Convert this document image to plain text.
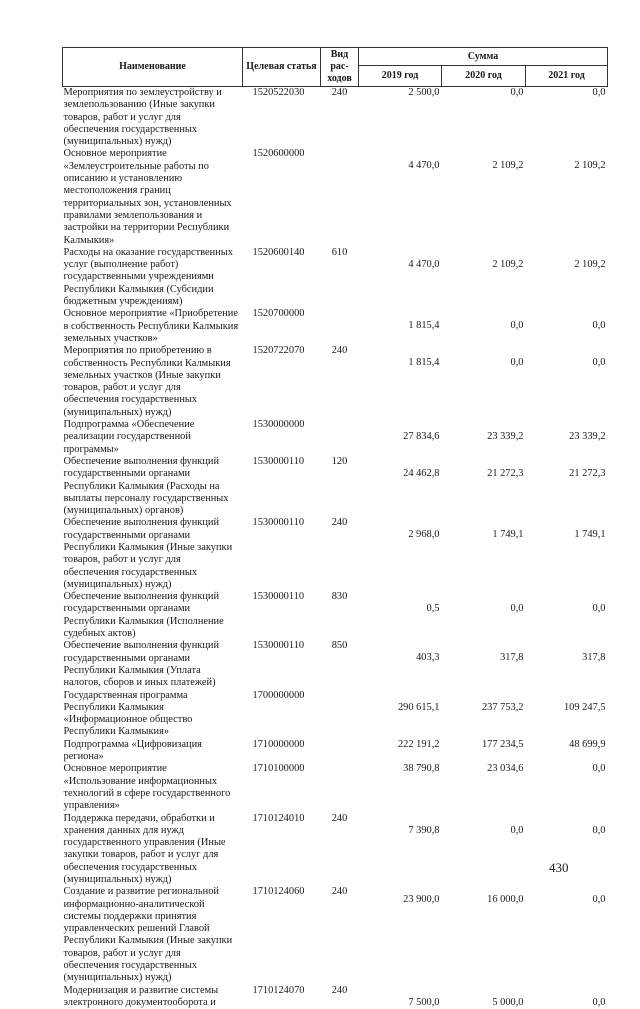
Наименование	Целевая статья	Вид рас-ходов	Сумма		
			2019 год	2020 год	2021 год
Мероприятия по землеустройству и землепользованию (Иные закупки товаров, работ и услуг для обеспечения государственных (муниципальных) нужд)	1520522030	240	2 500,0	0,0	0,0
Основное мероприятие «Землеустроительные работы по описанию и установлению местоположения границ территориальных зон, установленных правилами землепользования и застройки на территории Республики Калмыкия»	1520600000		4 470,0	2 109,2	2 109,2
Расходы на оказание государственных услуг (выполнение работ) государственными учреждениями Республики Калмыкия (Субсидии бюджетным учреждениям)	1520600140	610	4 470,0	2 109,2	2 109,2
Основное мероприятие «Приобретение в собственность Республики Калмыкия земельных участков»	1520700000		1 815,4	0,0	0,0
Мероприятия по приобретению в собственность Республики Калмыкия земельных участков (Иные закупки товаров, работ и услуг для обеспечения государственных (муниципальных) нужд)	1520722070	240	1 815,4	0,0	0,0
Подпрограмма «Обеспечение реализации государственной программы»	1530000000		27 834,6	23 339,2	23 339,2
Обеспечение выполнения функций государственными органами Республики Калмыкия (Расходы на выплаты персоналу государственных (муниципальных) органов)	1530000110	120	24 462,8	21 272,3	21 272,3
Обеспечение выполнения функций государственными органами Республики Калмыкия (Иные закупки товаров, работ и услуг для обеспечения государственных (муниципальных) нужд)	1530000110	240	2 968,0	1 749,1	1 749,1
Обеспечение выполнения функций государственными органами Республики Калмыкия (Исполнение судебных актов)	1530000110	830	0,5	0,0	0,0
Обеспечение выполнения функций государственными органами Республики Калмыкия (Уплата налогов, сборов и иных платежей)	1530000110	850	403,3	317,8	317,8
Государственная программа Республики Калмыкия «Информационное общество Республики Калмыкия»	1700000000		290 615,1	237 753,2	109 247,5
Подпрограмма «Цифровизация региона»	1710000000		222 191,2	177 234,5	48 699,9
Основное мероприятие «Использование информационных технологий в сфере государственного управления»	1710100000		38 790,8	23 034,6	0,0
Поддержка передачи, обработки и хранения данных для нужд государственного управления (Иные закупки товаров, работ и услуг для обеспечения государственных (муниципальных) нужд)	1710124010	240	7 390,8	0,0	0,0
Создание и развитие региональной информационно-аналитической системы поддержки принятия управленческих решений Главой Республики Калмыкия (Иные закупки товаров, работ и услуг для обеспечения государственных (муниципальных) нужд)	1710124060	240	23 900,0	16 000,0	0,0
Модернизация и развитие системы электронного документооборота и	1710124070	240	7 500,0	5 000,0	0,0
430
